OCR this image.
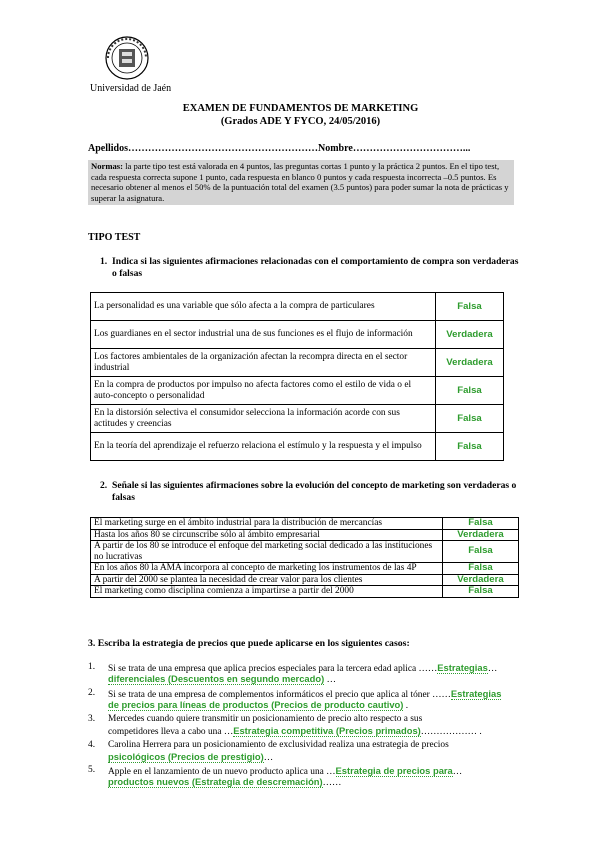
Universidad de Jaén
EXAMEN DE FUNDAMENTOS DE MARKETING
(Grados ADE Y FYCO, 24/05/2016)
Apellidos…………………………………………………Nombre……………………………...
Normas: la parte tipo test está valorada en 4 puntos, las preguntas cortas 1 punto y la práctica 2 puntos. En el tipo test, cada respuesta correcta supone 1 punto, cada respuesta en blanco 0 puntos y cada respuesta incorrecta –0.5 puntos. Es necesario obtener al menos el 50% de la puntuación total del examen (3.5 puntos) para poder sumar la nota de prácticas y superar la asignatura.
TIPO TEST
1. Indica si las siguientes afirmaciones relacionadas con el comportamiento de compra son verdaderas o falsas
La personalidad es una variable que sólo afecta a la compra de particulares	Falsa
Los guardianes en el sector industrial una de sus funciones es el flujo de información	Verdadera
Los factores ambientales de la organización afectan la recompra directa en el sector industrial	Verdadera
En la compra de productos por impulso no afecta factores como el estilo de vida o el auto-concepto o personalidad	Falsa
En la distorsión selectiva el consumidor selecciona la información acorde con sus actitudes y creencias	Falsa
En la teoría del aprendizaje el refuerzo relaciona el estímulo y la respuesta y el impulso	Falsa
2. Señale si las siguientes afirmaciones sobre la evolución del concepto de marketing son verdaderas o falsas
El marketing surge en el ámbito industrial para la distribución de mercancías	Falsa
Hasta los años 80 se circunscribe sólo al ámbito empresarial	Verdadera
A partir de los 80 se introduce el enfoque del marketing social dedicado a las instituciones no lucrativas	Falsa
En los años 80 la AMA incorpora al concepto de marketing los instrumentos de las 4P	Falsa
A partir del 2000 se plantea la necesidad de crear valor para los clientes	Verdadera
El marketing como disciplina comienza a impartirse a partir del 2000	Falsa
3. Escriba la estrategia de precios que puede aplicarse en los siguientes casos:
1. Si se trata de una empresa que aplica precios especiales para la tercera edad aplica ……Estrategias…
diferenciales (Descuentos en segundo mercado) …
2. Si se trata de una empresa de complementos informáticos el precio que aplica al tóner ……Estrategias
de precios para líneas de productos (Precios de producto cautivo) .
3. Mercedes cuando quiere transmitir un posicionamiento de precio alto respecto a sus
competidores lleva a cabo una …Estrategia competitiva (Precios primados)……………… .
4. Carolina Herrera para un posicionamiento de exclusividad realiza una estrategia de precios
psicológicos (Precios de prestigio)…
5. Apple en el lanzamiento de un nuevo producto aplica una …Estrategia de precios para…
productos nuevos (Estrategia de descremación)……
